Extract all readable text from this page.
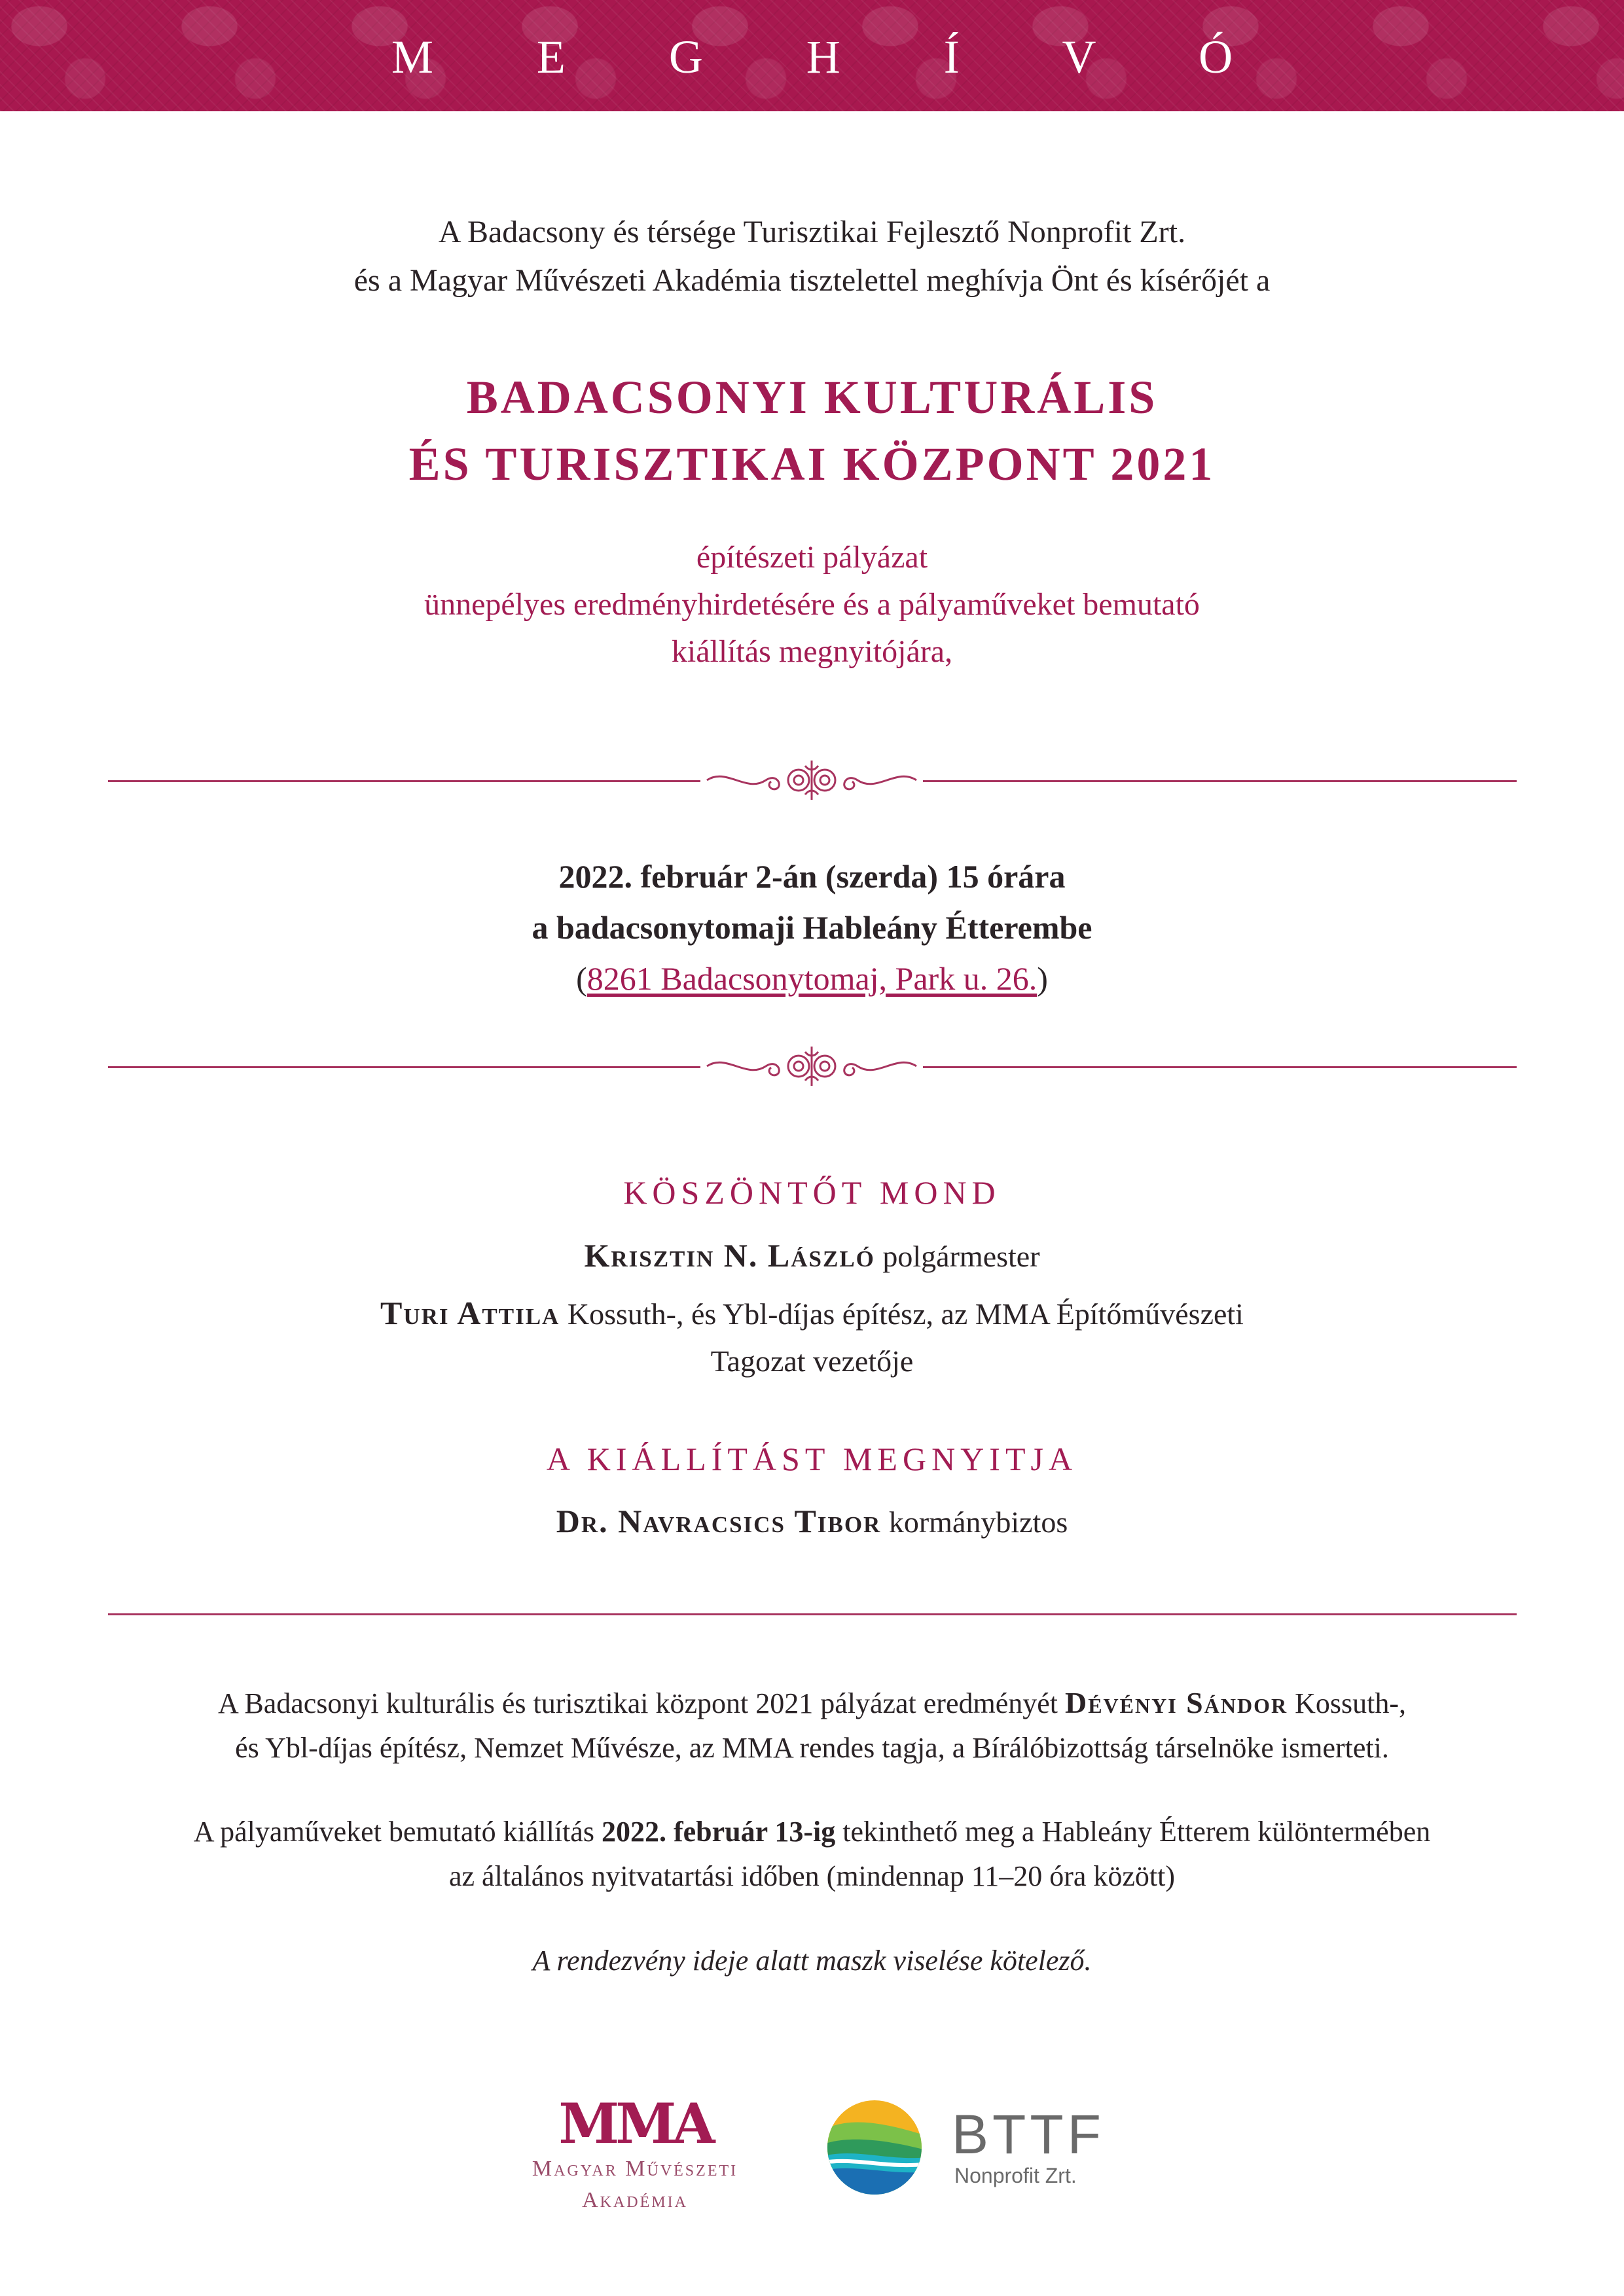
M E G H Í V Ó
A Badacsony és térsége Turisztikai Fejlesztő Nonprofit Zrt.
és a Magyar Művészeti Akadémia tisztelettel meghívja Önt és kísérőjét a
BADACSONYI KULTURÁLIS
ÉS TURISZTIKAI KÖZPONT 2021
építészeti pályázat
ünnepélyes eredményhirdetésére és a pályaműveket bemutató
kiállítás megnyitójára,
2022. február 2-án (szerda) 15 órára
a badacsonytomaji Hableány Étterembe
(8261 Badacsonytomaj, Park u. 26.)
KÖSZÖNTŐT MOND
Krisztin N. László polgármester
Turi Attila Kossuth-, és Ybl-díjas építész, az MMA Építőművészeti
Tagozat vezetője
A KIÁLLÍTÁST MEGNYITJA
Dr. Navracsics Tibor kormánybiztos
A Badacsonyi kulturális és turisztikai központ 2021 pályázat eredményét Dévényi Sándor Kossuth-,
és Ybl-díjas építész, Nemzet Művésze, az MMA rendes tagja, a Bírálóbizottság társelnöke ismerteti.
A pályaműveket bemutató kiállítás 2022. február 13-ig tekinthető meg a Hableány Étterem különtermében
az általános nyitvatartási időben (mindennap 11–20 óra között)
A rendezvény ideje alatt maszk viselése kötelező.
MMA
Magyar Művészeti
Akadémia
BTTF
Nonprofit Zrt.
